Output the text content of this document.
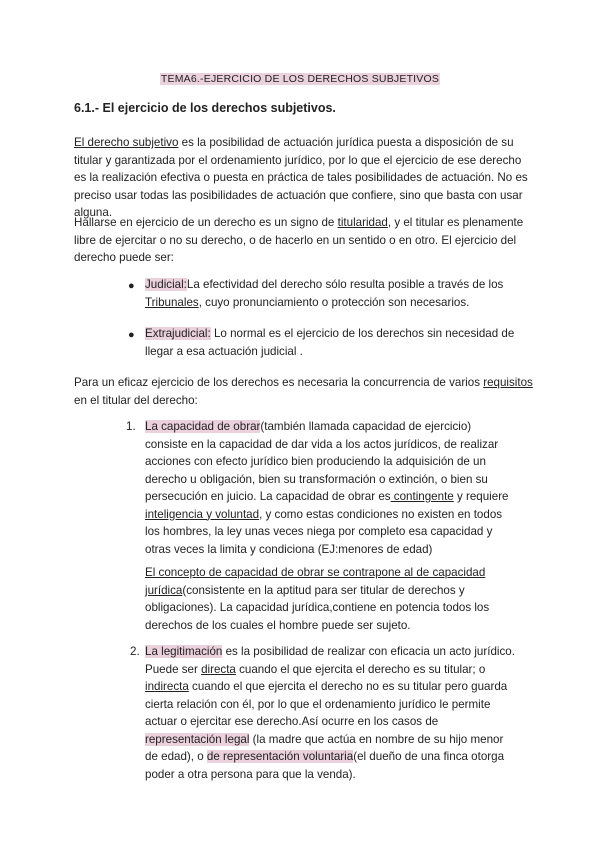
TEMA6.-EJERCICIO DE LOS DERECHOS SUBJETIVOS
6.1.- El ejercicio de los derechos subjetivos.

El derecho subjetivo es la posibilidad de actuación jurídica puesta a disposición de su titular y garantizada por el ordenamiento jurídico, por lo que el ejercicio de ese derecho es la realización efectiva o puesta en práctica de tales posibilidades de actuación. No es preciso usar todas las posibilidades de actuación que confiere, sino que basta con usar alguna.

Hallarse en ejercicio de un derecho es un signo de titularidad, y el titular es plenamente libre de ejercitar o no su derecho, o de hacerlo en un sentido o en otro. El ejercicio del derecho puede ser:

● Judicial:La efectividad del derecho sólo resulta posible a través de los Tribunales, cuyo pronunciamiento o protección son necesarios.

● Extrajudicial: Lo normal es el ejercicio de los derechos sin necesidad de llegar a esa actuación judicial .

Para un eficaz ejercicio de los derechos es necesaria la concurrencia de varios requisitos en el titular del derecho:

1. La capacidad de obrar(también llamada capacidad de ejercicio) consiste en la capacidad de dar vida a los actos jurídicos, de realizar acciones con efecto jurídico bien produciendo la adquisición de un derecho u obligación, bien su transformación o extinción, o bien su persecución en juicio. La capacidad de obrar es contingente y requiere inteligencia y voluntad, y como estas condiciones no existen en todos los hombres, la ley unas veces niega por completo esa capacidad y otras veces la limita y condiciona (EJ:menores de edad)

El concepto de capacidad de obrar se contrapone al de capacidad jurídica(consistente en la aptitud para ser titular de derechos y obligaciones). La capacidad jurídica,contiene en potencia todos los derechos de los cuales el hombre puede ser sujeto.

2. La legitimación es la posibilidad de realizar con eficacia un acto jurídico. Puede ser directa cuando el que ejercita el derecho es su titular; o indirecta cuando el que ejercita el derecho no es su titular pero guarda cierta relación con él, por lo que el ordenamiento jurídico le permite actuar o ejercitar ese derecho.Así ocurre en los casos de representación legal (la madre que actúa en nombre de su hijo menor de edad), o de representación voluntaria(el dueño de una finca otorga poder a otra persona para que la venda).
